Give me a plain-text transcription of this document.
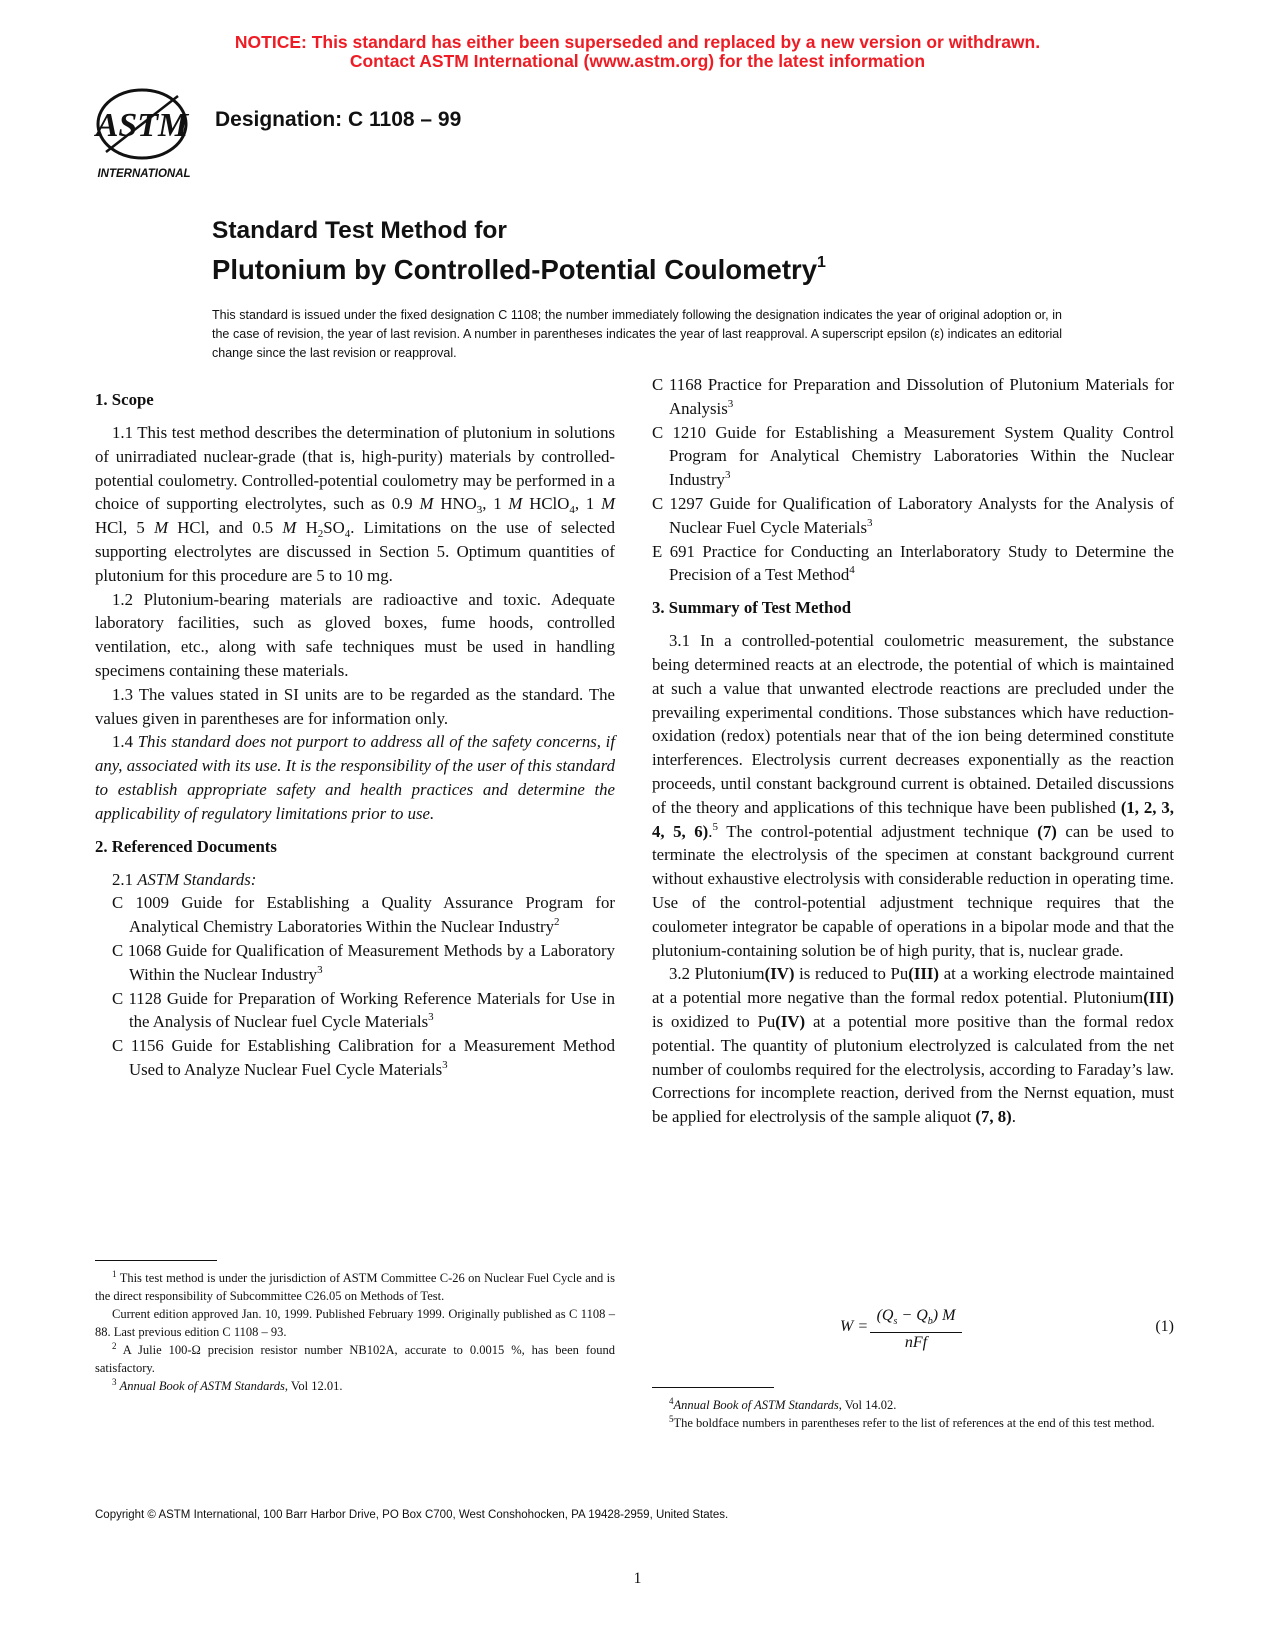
NOTICE: This standard has either been superseded and replaced by a new version or withdrawn.
Contact ASTM International (www.astm.org) for the latest information
ASTM
INTERNATIONAL
Designation: C 1108 – 99
Standard Test Method for
Plutonium by Controlled-Potential Coulometry$^1$
This standard is issued under the fixed designation C 1108; the number immediately following the designation indicates the year of original adoption or, in the case of revision, the year of last revision. A number in parentheses indicates the year of last reapproval. A superscript epsilon (ε) indicates an editorial change since the last revision or reapproval.
1. Scope

1.1 This test method describes the determination of plutonium in solutions of unirradiated nuclear-grade (that is, high-purity) materials by controlled-potential coulometry. Controlled-potential coulometry may be performed in a choice of supporting electrolytes, such as 0.9 M $HNO_3$, 1 M HClO$_4$, 1 M HCl, 5 M HCl, and 0.5 M $H_2SO_4$. Limitations on the use of selected supporting electrolytes are discussed in Section 5. Optimum quantities of plutonium for this procedure are 5 to 10 mg.

1.2 Plutonium-bearing materials are radioactive and toxic. Adequate laboratory facilities, such as gloved boxes, fume hoods, controlled ventilation, etc., along with safe techniques must be used in handling specimens containing these materials.

1.3 The values stated in SI units are to be regarded as the standard. The values given in parentheses are for information only.

1.4 This standard does not purport to address all of the safety concerns, if any, associated with its use. It is the responsibility of the user of this standard to establish appropriate safety and health practices and determine the applicability of regulatory limitations prior to use.

2. Referenced Documents

2.1 ASTM Standards:

C 1009 Guide for Establishing a Quality Assurance Program for Analytical Chemistry Laboratories Within the Nuclear Industry$^2$

C 1068 Guide for Qualification of Measurement Methods by a Laboratory Within the Nuclear Industry$^3$

C 1128 Guide for Preparation of Working Reference Materials for Use in the Analysis of Nuclear fuel Cycle Materials$^3$

C 1156 Guide for Establishing Calibration for a Measurement Method Used to Analyze Nuclear Fuel Cycle Materials$^3$

C 1168 Practice for Preparation and Dissolution of Plutonium Materials for Analysis$^3$

C 1210 Guide for Establishing a Measurement System Quality Control Program for Analytical Chemistry Laboratories Within the Nuclear Industry$^3$

C 1297 Guide for Qualification of Laboratory Analysts for the Analysis of Nuclear Fuel Cycle Materials$^3$

E 691 Practice for Conducting an Interlaboratory Study to Determine the Precision of a Test Method$^4$

3. Summary of Test Method

3.1 In a controlled-potential coulometric measurement, the substance being determined reacts at an electrode, the potential of which is maintained at such a value that unwanted electrode reactions are precluded under the prevailing experimental conditions. Those substances which have reduction-oxidation (redox) potentials near that of the ion being determined constitute interferences. Electrolysis current decreases exponentially as the reaction proceeds, until constant background current is obtained. Detailed discussions of the theory and applications of this technique have been published (1, 2, 3, 4, 5, 6).$^5$ The control-potential adjustment technique (7) can be used to terminate the electrolysis of the specimen at constant background current without exhaustive electrolysis with considerable reduction in operating time. Use of the control-potential adjustment technique requires that the coulometer integrator be capable of operations in a bipolar mode and that the plutonium-containing solution be of high purity, that is, nuclear grade.

3.2 Plutonium(IV) is reduced to Pu(III) at a working electrode maintained at a potential more negative than the formal redox potential. Plutonium(III) is oxidized to Pu(IV) at a potential more positive than the formal redox potential. The quantity of plutonium electrolyzed is calculated from the net number of coulombs required for the electrolysis, according to Faraday’s law. Corrections for incomplete reaction, derived from the Nernst equation, must be applied for electrolysis of the sample aliquot (7, 8).

W =
$(Q_s - Q_b)$ M
nFf
(1)

$^1$ This test method is under the jurisdiction of ASTM Committee C-26 on Nuclear Fuel Cycle and is the direct responsibility of Subcommittee C26.05 on Methods of Test.

Current edition approved Jan. 10, 1999. Published February 1999. Originally published as C 1108 – 88. Last previous edition C 1108 – 93.

$^2$ A Julie 100-Ω precision resistor number NB102A, accurate to 0.0015 %, has been found satisfactory.

$^3$ Annual Book of ASTM Standards, Vol 12.01.

$^4$Annual Book of ASTM Standards, Vol 14.02.

$^5$The boldface numbers in parentheses refer to the list of references at the end of this test method.

Copyright © ASTM International, 100 Barr Harbor Drive, PO Box C700, West Conshohocken, PA 19428-2959, United States.
1
